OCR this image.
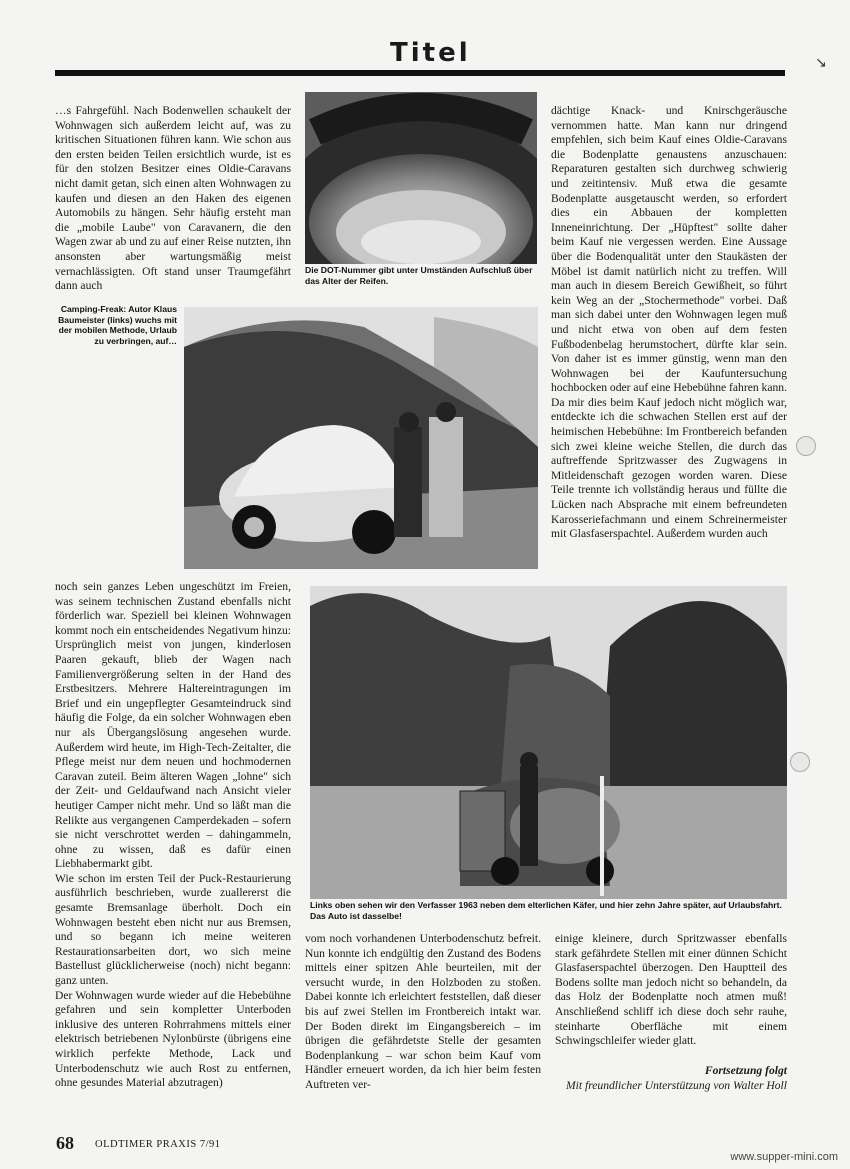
Titel

…s Fahrgefühl. Nach Bodenwellen schaukelt der Wohnwagen sich außerdem leicht auf, was zu kritischen Situationen führen kann. Wie schon aus den ersten beiden Teilen ersichtlich wurde, ist es für den stolzen Besitzer eines Oldie-Caravans nicht damit getan, sich einen alten Wohnwagen zu kaufen und diesen an den Haken des eigenen Automobils zu hängen. Sehr häufig ersteht man die „mobile Laube" von Caravanern, die den Wagen zwar ab und zu auf einer Reise nutzten, ihn ansonsten aber wartungsmäßig meist vernachlässigten. Oft stand unser Traumgefährt dann auch

Die DOT-Nummer gibt unter Umständen Aufschluß über das Alter der Reifen.

dächtige Knack- und Knirschgeräusche vernommen hatte. Man kann nur dringend empfehlen, sich beim Kauf eines Oldie-Caravans die Bodenplatte genaustens anzuschauen: Reparaturen gestalten sich durchweg schwierig und zeitintensiv. Muß etwa die gesamte Bodenplatte ausgetauscht werden, so erfordert dies ein Abbauen der kompletten Inneneinrichtung. Der „Hüpftest" sollte daher beim Kauf nie vergessen werden. Eine Aussage über die Bodenqualität unter den Staukästen der Möbel ist damit natürlich nicht zu treffen. Will man auch in diesem Bereich Gewißheit, so führt kein Weg an der „Stochermethode" vorbei. Daß man sich dabei unter den Wohnwagen legen muß und nicht etwa von oben auf dem festen Fußbodenbelag herumstochert, dürfte klar sein. Von daher ist es immer günstig, wenn man den Wohnwagen bei der Kaufuntersuchung hochbocken oder auf eine Hebebühne fahren kann. Da mir dies beim Kauf jedoch nicht möglich war, entdeckte ich die schwachen Stellen erst auf der heimischen Hebebühne: Im Frontbereich befanden sich zwei kleine weiche Stellen, die durch das auftreffende Spritzwasser des Zugwagens in Mitleidenschaft gezogen worden waren. Diese Teile trennte ich vollständig heraus und füllte die Lücken nach Absprache mit einem befreundeten Karosseriefachmann und einem Schreinermeister mit Glasfaserspachtel. Außerdem wurden auch

Camping-Freak: Autor Klaus Baumeister (links) wuchs mit der mobilen Methode, Urlaub zu verbringen, auf…

noch sein ganzes Leben ungeschützt im Freien, was seinem technischen Zustand ebenfalls nicht förderlich war. Speziell bei kleinen Wohnwagen kommt noch ein entscheidendes Negativum hinzu: Ursprünglich meist von jungen, kinderlosen Paaren gekauft, blieb der Wagen nach Familienvergrößerung selten in der Hand des Erstbesitzers. Mehrere Haltereintragungen im Brief und ein ungepflegter Gesamteindruck sind häufig die Folge, da ein solcher Wohnwagen eben nur als Übergangslösung angesehen wurde. Außerdem wird heute, im High-Tech-Zeitalter, die Pflege meist nur dem neuen und hochmodernen Caravan zuteil. Beim älteren Wagen „lohne" sich der Zeit- und Geldaufwand nach Ansicht vieler heutiger Camper nicht mehr. Und so läßt man die Relikte aus vergangenen Camperdekaden – sofern sie nicht verschrottet werden – dahingammeln, ohne zu wissen, daß es dafür einen Liebhabermarkt gibt.

Wie schon im ersten Teil der Puck-Restaurierung ausführlich beschrieben, wurde zuallererst die gesamte Bremsanlage überholt. Doch ein Wohnwagen besteht eben nicht nur aus Bremsen, und so begann ich meine weiteren Restaurationsarbeiten dort, wo sich meine Bastellust glücklicherweise (noch) nicht begann: ganz unten.

Der Wohnwagen wurde wieder auf die Hebebühne gefahren und sein kompletter Unterboden inklusive des unteren Rohrrahmens mittels einer elektrisch betriebenen Nylonbürste (übrigens eine wirklich perfekte Methode, Lack und Unterbodenschutz wie auch Rost zu entfernen, ohne gesundes Material abzutragen)

Links oben sehen wir den Verfasser 1963 neben dem elterlichen Käfer, und hier zehn Jahre später, auf Urlaubsfahrt. Das Auto ist dasselbe!

vom noch vorhandenen Unterbodenschutz befreit. Nun konnte ich endgültig den Zustand des Bodens mittels einer spitzen Ahle beurteilen, mit der versucht wurde, in den Holzboden zu stoßen. Dabei konnte ich erleichtert feststellen, daß dieser bis auf zwei Stellen im Frontbereich intakt war. Der Boden direkt im Eingangsbereich – im übrigen die gefährdetste Stelle der gesamten Bodenplankung – war schon beim Kauf vom Händler erneuert worden, da ich hier beim festen Auftreten ver-

einige kleinere, durch Spritzwasser ebenfalls stark gefährdete Stellen mit einer dünnen Schicht Glasfaserspachtel überzogen. Den Hauptteil des Bodens sollte man jedoch nicht so behandeln, da das Holz der Bodenplatte noch atmen muß! Anschließend schliff ich diese doch sehr rauhe, steinharte Oberfläche mit einem Schwingschleifer wieder glatt.

Fortsetzung folgt
Mit freundlicher Unterstützung von Walter Holl
68 OLDTIMER PRAXIS 7/91
www.supper-mini.com
↘
